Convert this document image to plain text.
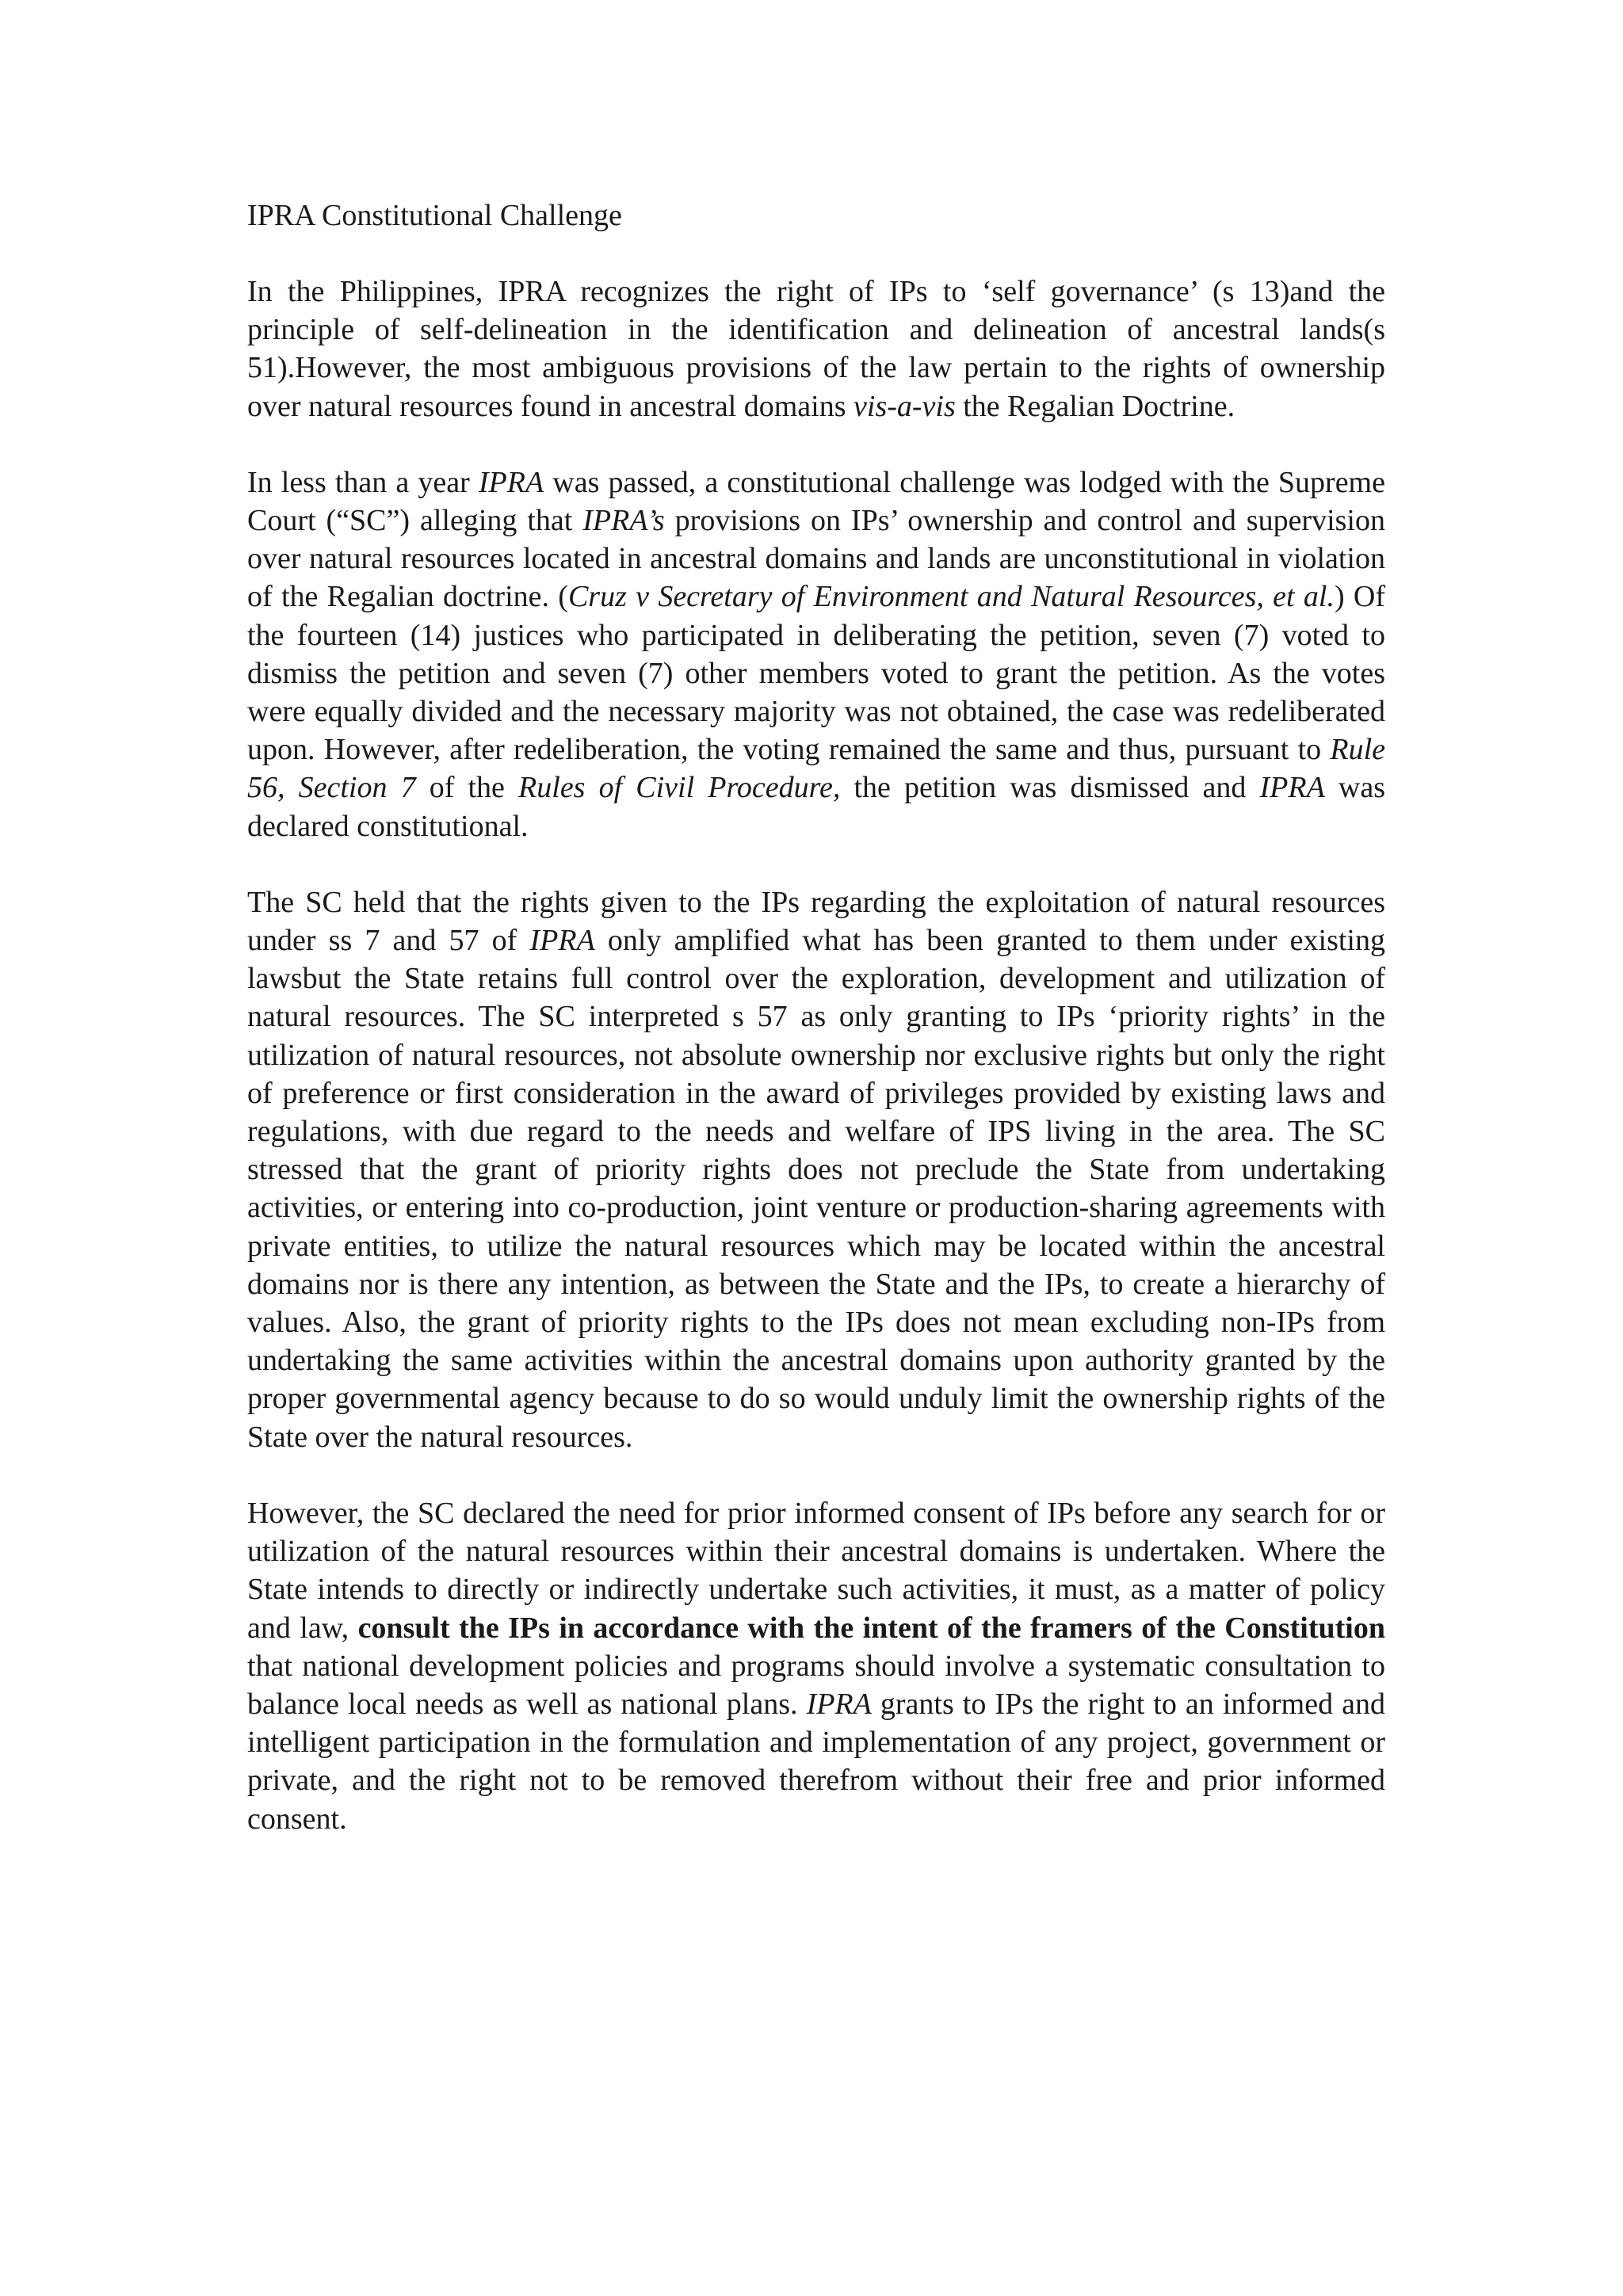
IPRA Constitutional Challenge

In the Philippines, IPRA recognizes the right of IPs to ‘self governance’ (s 13)and the principle of self-delineation in the identification and delineation of ancestral lands(s 51).However, the most ambiguous provisions of the law pertain to the rights of ownership over natural resources found in ancestral domains vis-a-vis the Regalian Doctrine.

In less than a year IPRA was passed, a constitutional challenge was lodged with the Supreme Court (“SC”) alleging that IPRA’s provisions on IPs’ ownership and control and supervision over natural resources located in ancestral domains and lands are unconstitutional in violation of the Regalian doctrine. (Cruz v Secretary of Environment and Natural Resources, et al.) Of the fourteen (14) justices who participated in deliberating the petition, seven (7) voted to dismiss the petition and seven (7) other members voted to grant the petition. As the votes were equally divided and the necessary majority was not obtained, the case was redeliberated upon. However, after redeliberation, the voting remained the same and thus, pursuant to Rule 56, Section 7 of the Rules of Civil Procedure, the petition was dismissed and IPRA was declared constitutional.

The SC held that the rights given to the IPs regarding the exploitation of natural resources under ss 7 and 57 of IPRA only amplified what has been granted to them under existing lawsbut the State retains full control over the exploration, development and utilization of natural resources. The SC interpreted s 57 as only granting to IPs ‘priority rights’ in the utilization of natural resources, not absolute ownership nor exclusive rights but only the right of preference or first consideration in the award of privileges provided by existing laws and regulations, with due regard to the needs and welfare of IPS living in the area. The SC stressed that the grant of priority rights does not preclude the State from undertaking activities, or entering into co-production, joint venture or production-sharing agreements with private entities, to utilize the natural resources which may be located within the ancestral domains nor is there any intention, as between the State and the IPs, to create a hierarchy of values. Also, the grant of priority rights to the IPs does not mean excluding non-IPs from undertaking the same activities within the ancestral domains upon authority granted by the proper governmental agency because to do so would unduly limit the ownership rights of the State over the natural resources.

However, the SC declared the need for prior informed consent of IPs before any search for or utilization of the natural resources within their ancestral domains is undertaken. Where the State intends to directly or indirectly undertake such activities, it must, as a matter of policy and law, consult the IPs in accordance with the intent of the framers of the Constitution that national development policies and programs should involve a systematic consultation to balance local needs as well as national plans. IPRA grants to IPs the right to an informed and intelligent participation in the formulation and implementation of any project, government or private, and the right not to be removed therefrom without their free and prior informed consent.
